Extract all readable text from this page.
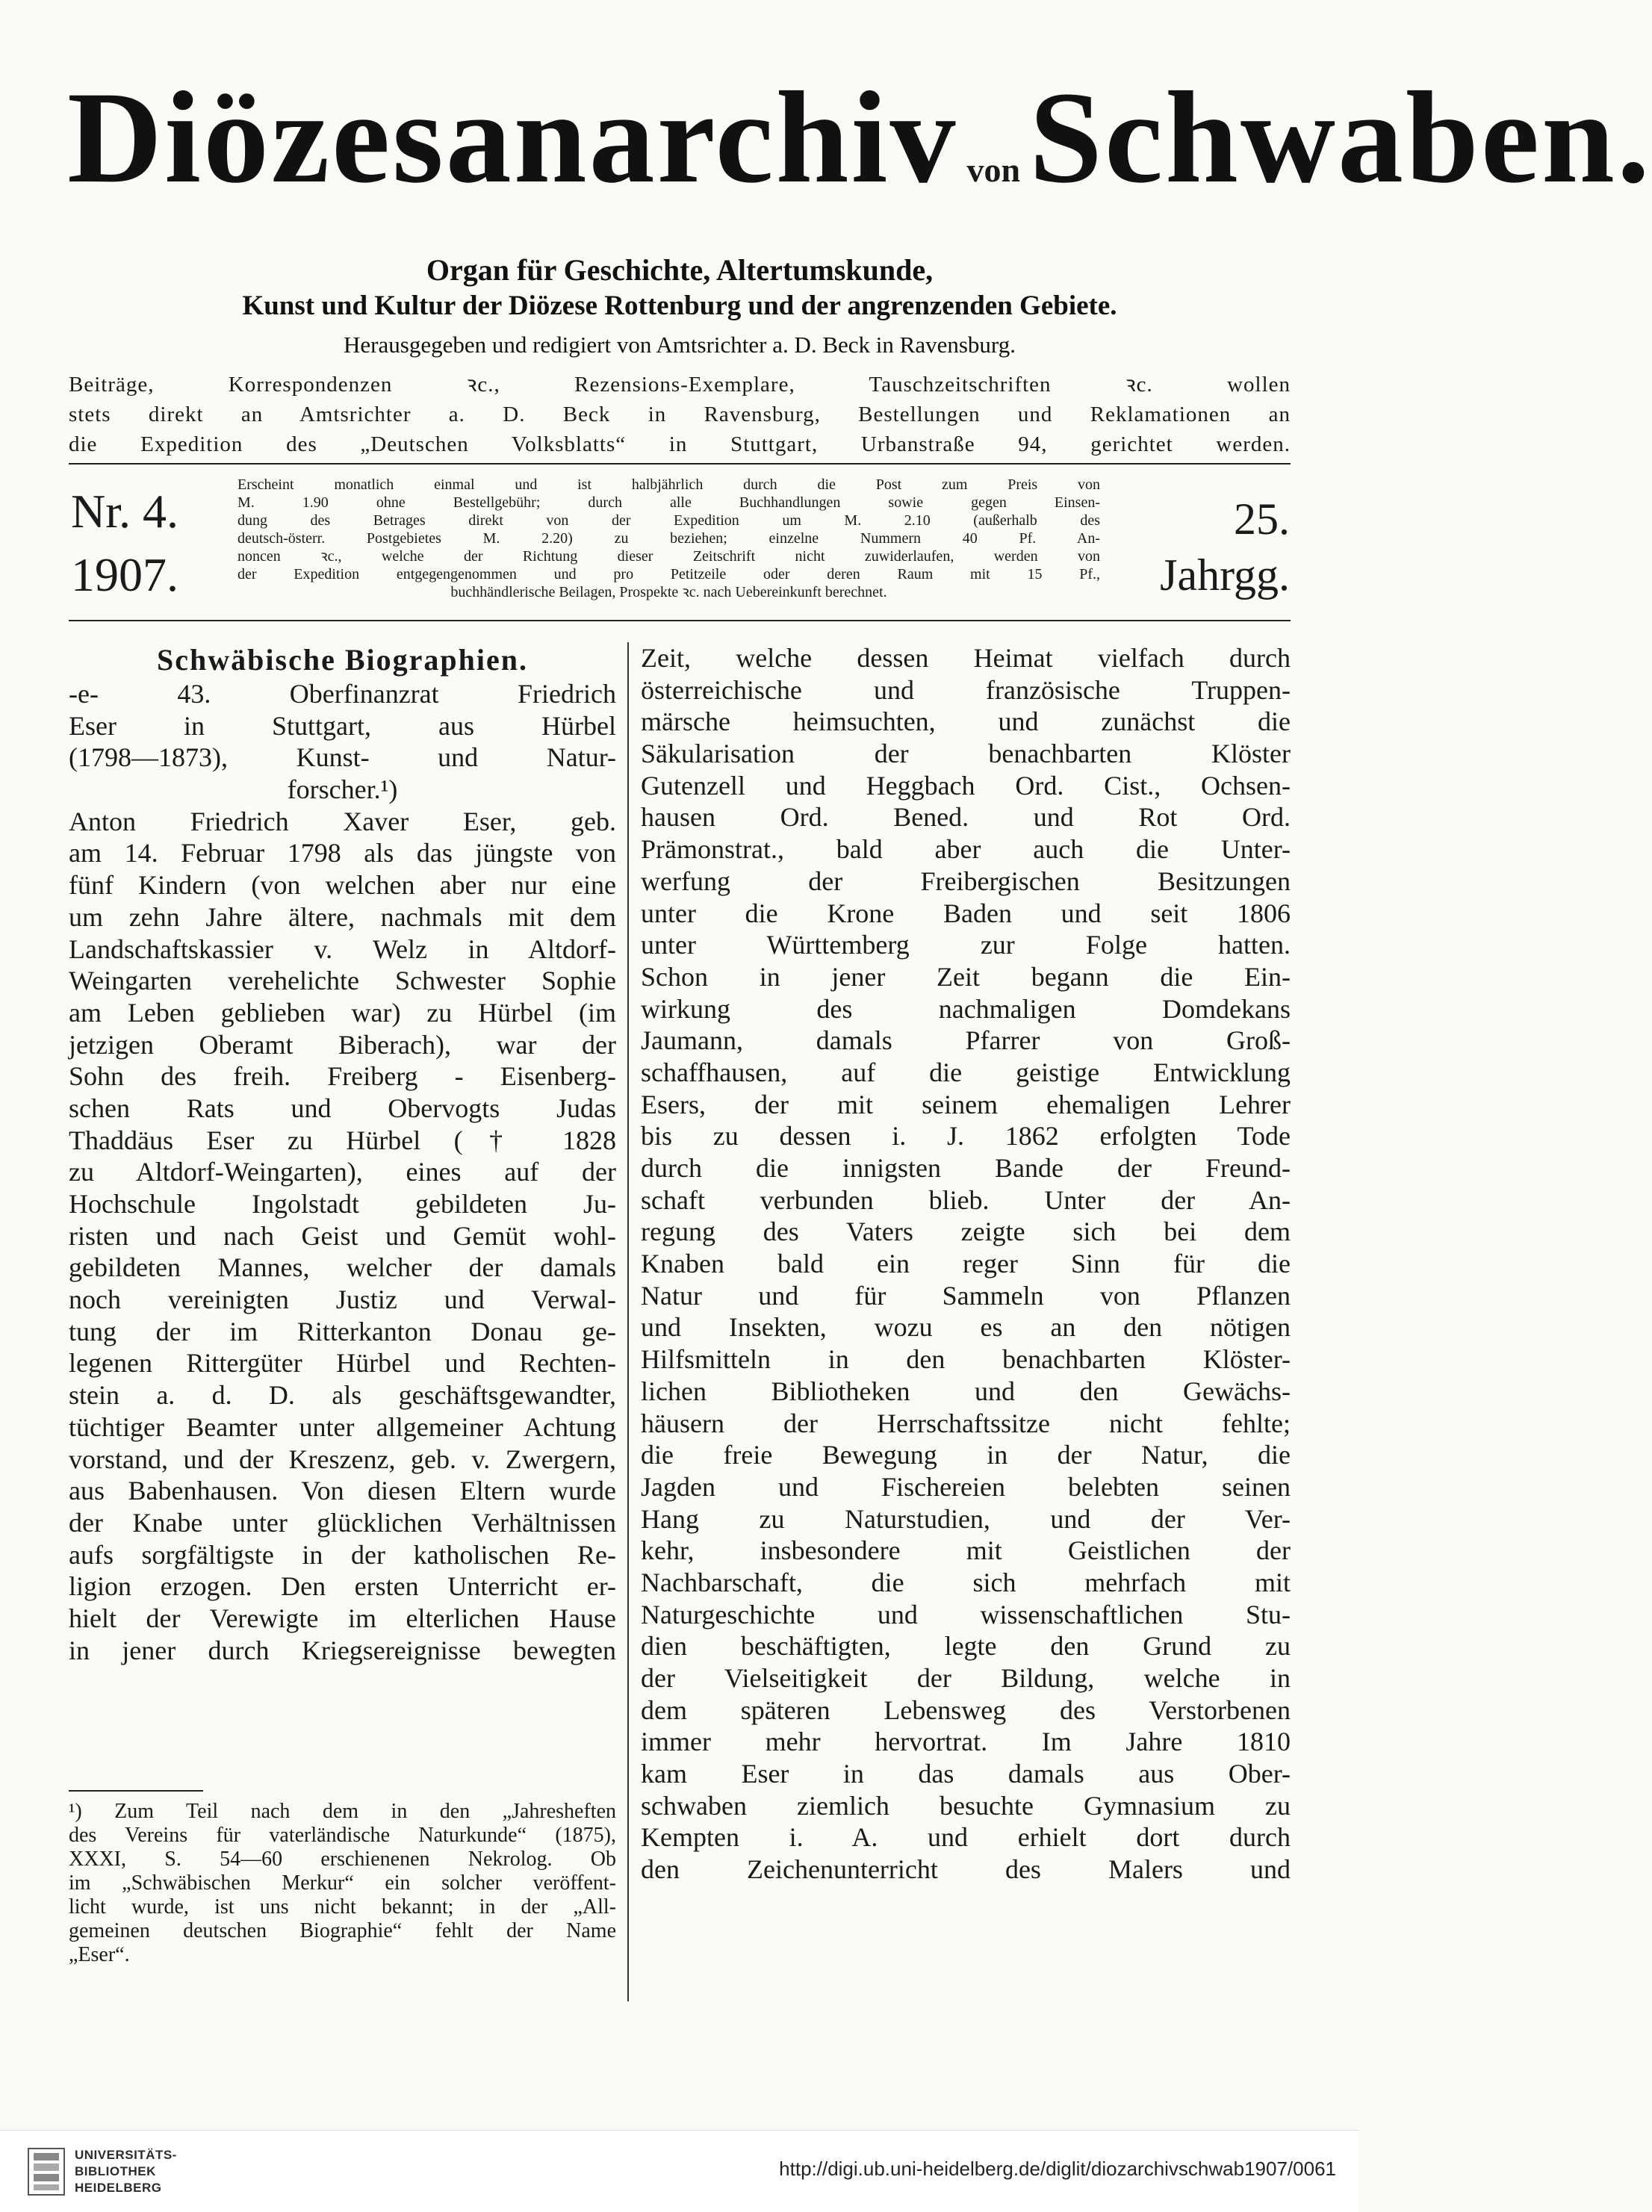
Diözesanarchiv vonSchwaben.
Organ für Geschichte, Altertumskunde,
Kunst und Kultur der Diözese Rottenburg und der angrenzenden Gebiete.
Herausgegeben und redigiert von Amtsrichter a. D. Beck in Ravensburg.
Beiträge, Korrespondenzen ꝛc., Rezensions-Exemplare, Tauschzeitschriften ꝛc. wollen
stets direkt an Amtsrichter a. D. Beck in Ravensburg, Bestellungen und Reklamationen an
die Expedition des „Deutschen Volksblatts“ in Stuttgart, Urbanstraße 94, gerichtet werden.
Nr. 4.
1907.
25.
Jahrgg.
Erscheint monatlich einmal und ist halbjährlich durch die Post zum Preis von
M. 1.90 ohne Bestellgebühr; durch alle Buchhandlungen sowie gegen Einsen-
dung des Betrages direkt von der Expedition um M. 2.10 (außerhalb des
deutsch-österr. Postgebietes M. 2.20) zu beziehen; einzelne Nummern 40 Pf. An-
noncen ꝛc., welche der Richtung dieser Zeitschrift nicht zuwiderlaufen, werden von
der Expedition entgegengenommen und pro Petitzeile oder deren Raum mit 15 Pf.,
buchhändlerische Beilagen, Prospekte ꝛc. nach Uebereinkunft berechnet.
Schwäbische Biographien.
-e- 43. Oberfinanzrat Friedrich
Eser in Stuttgart, aus Hürbel
(1798—1873), Kunst- und Natur-
forscher.¹)
Anton Friedrich Xaver Eser, geb.
am 14. Februar 1798 als das jüngste von
fünf Kindern (von welchen aber nur eine
um zehn Jahre ältere, nachmals mit dem
Landschaftskassier v. Welz in Altdorf-
Weingarten verehelichte Schwester Sophie
am Leben geblieben war) zu Hürbel (im
jetzigen Oberamt Biberach), war der
Sohn des freih. Freiberg - Eisenberg-
schen Rats und Obervogts Judas
Thaddäus Eser zu Hürbel († 1828
zu Altdorf-Weingarten), eines auf der
Hochschule Ingolstadt gebildeten Ju-
risten und nach Geist und Gemüt wohl-
gebildeten Mannes, welcher der damals
noch vereinigten Justiz und Verwal-
tung der im Ritterkanton Donau ge-
legenen Rittergüter Hürbel und Rechten-
stein a. d. D. als geschäftsgewandter,
tüchtiger Beamter unter allgemeiner Achtung
vorstand, und der Kreszenz, geb. v. Zwergern,
aus Babenhausen. Von diesen Eltern wurde
der Knabe unter glücklichen Verhältnissen
aufs sorgfältigste in der katholischen Re-
ligion erzogen. Den ersten Unterricht er-
hielt der Verewigte im elterlichen Hause
in jener durch Kriegsereignisse bewegten
¹) Zum Teil nach dem in den „Jahresheften
des Vereins für vaterländische Naturkunde“ (1875),
XXXI, S. 54—60 erschienenen Nekrolog. Ob
im „Schwäbischen Merkur“ ein solcher veröffent-
licht wurde, ist uns nicht bekannt; in der „All-
gemeinen deutschen Biographie“ fehlt der Name
„Eser“.
Zeit, welche dessen Heimat vielfach durch
österreichische und französische Truppen-
märsche heimsuchten, und zunächst die
Säkularisation der benachbarten Klöster
Gutenzell und Heggbach Ord. Cist., Ochsen-
hausen Ord. Bened. und Rot Ord.
Prämonstrat., bald aber auch die Unter-
werfung der Freibergischen Besitzungen
unter die Krone Baden und seit 1806
unter Württemberg zur Folge hatten.
Schon in jener Zeit begann die Ein-
wirkung des nachmaligen Domdekans
Jaumann, damals Pfarrer von Groß-
schaffhausen, auf die geistige Entwicklung
Esers, der mit seinem ehemaligen Lehrer
bis zu dessen i. J. 1862 erfolgten Tode
durch die innigsten Bande der Freund-
schaft verbunden blieb. Unter der An-
regung des Vaters zeigte sich bei dem
Knaben bald ein reger Sinn für die
Natur und für Sammeln von Pflanzen
und Insekten, wozu es an den nötigen
Hilfsmitteln in den benachbarten Klöster-
lichen Bibliotheken und den Gewächs-
häusern der Herrschaftssitze nicht fehlte;
die freie Bewegung in der Natur, die
Jagden und Fischereien belebten seinen
Hang zu Naturstudien, und der Ver-
kehr, insbesondere mit Geistlichen der
Nachbarschaft, die sich mehrfach mit
Naturgeschichte und wissenschaftlichen Stu-
dien beschäftigten, legte den Grund zu
der Vielseitigkeit der Bildung, welche in
dem späteren Lebensweg des Verstorbenen
immer mehr hervortrat. Im Jahre 1810
kam Eser in das damals aus Ober-
schwaben ziemlich besuchte Gymnasium zu
Kempten i. A. und erhielt dort durch
den Zeichenunterricht des Malers und
UNIVERSITÄTS-
BIBLIOTHEK
HEIDELBERG
http://digi.ub.uni-heidelberg.de/diglit/diozarchivschwab1907/0061
